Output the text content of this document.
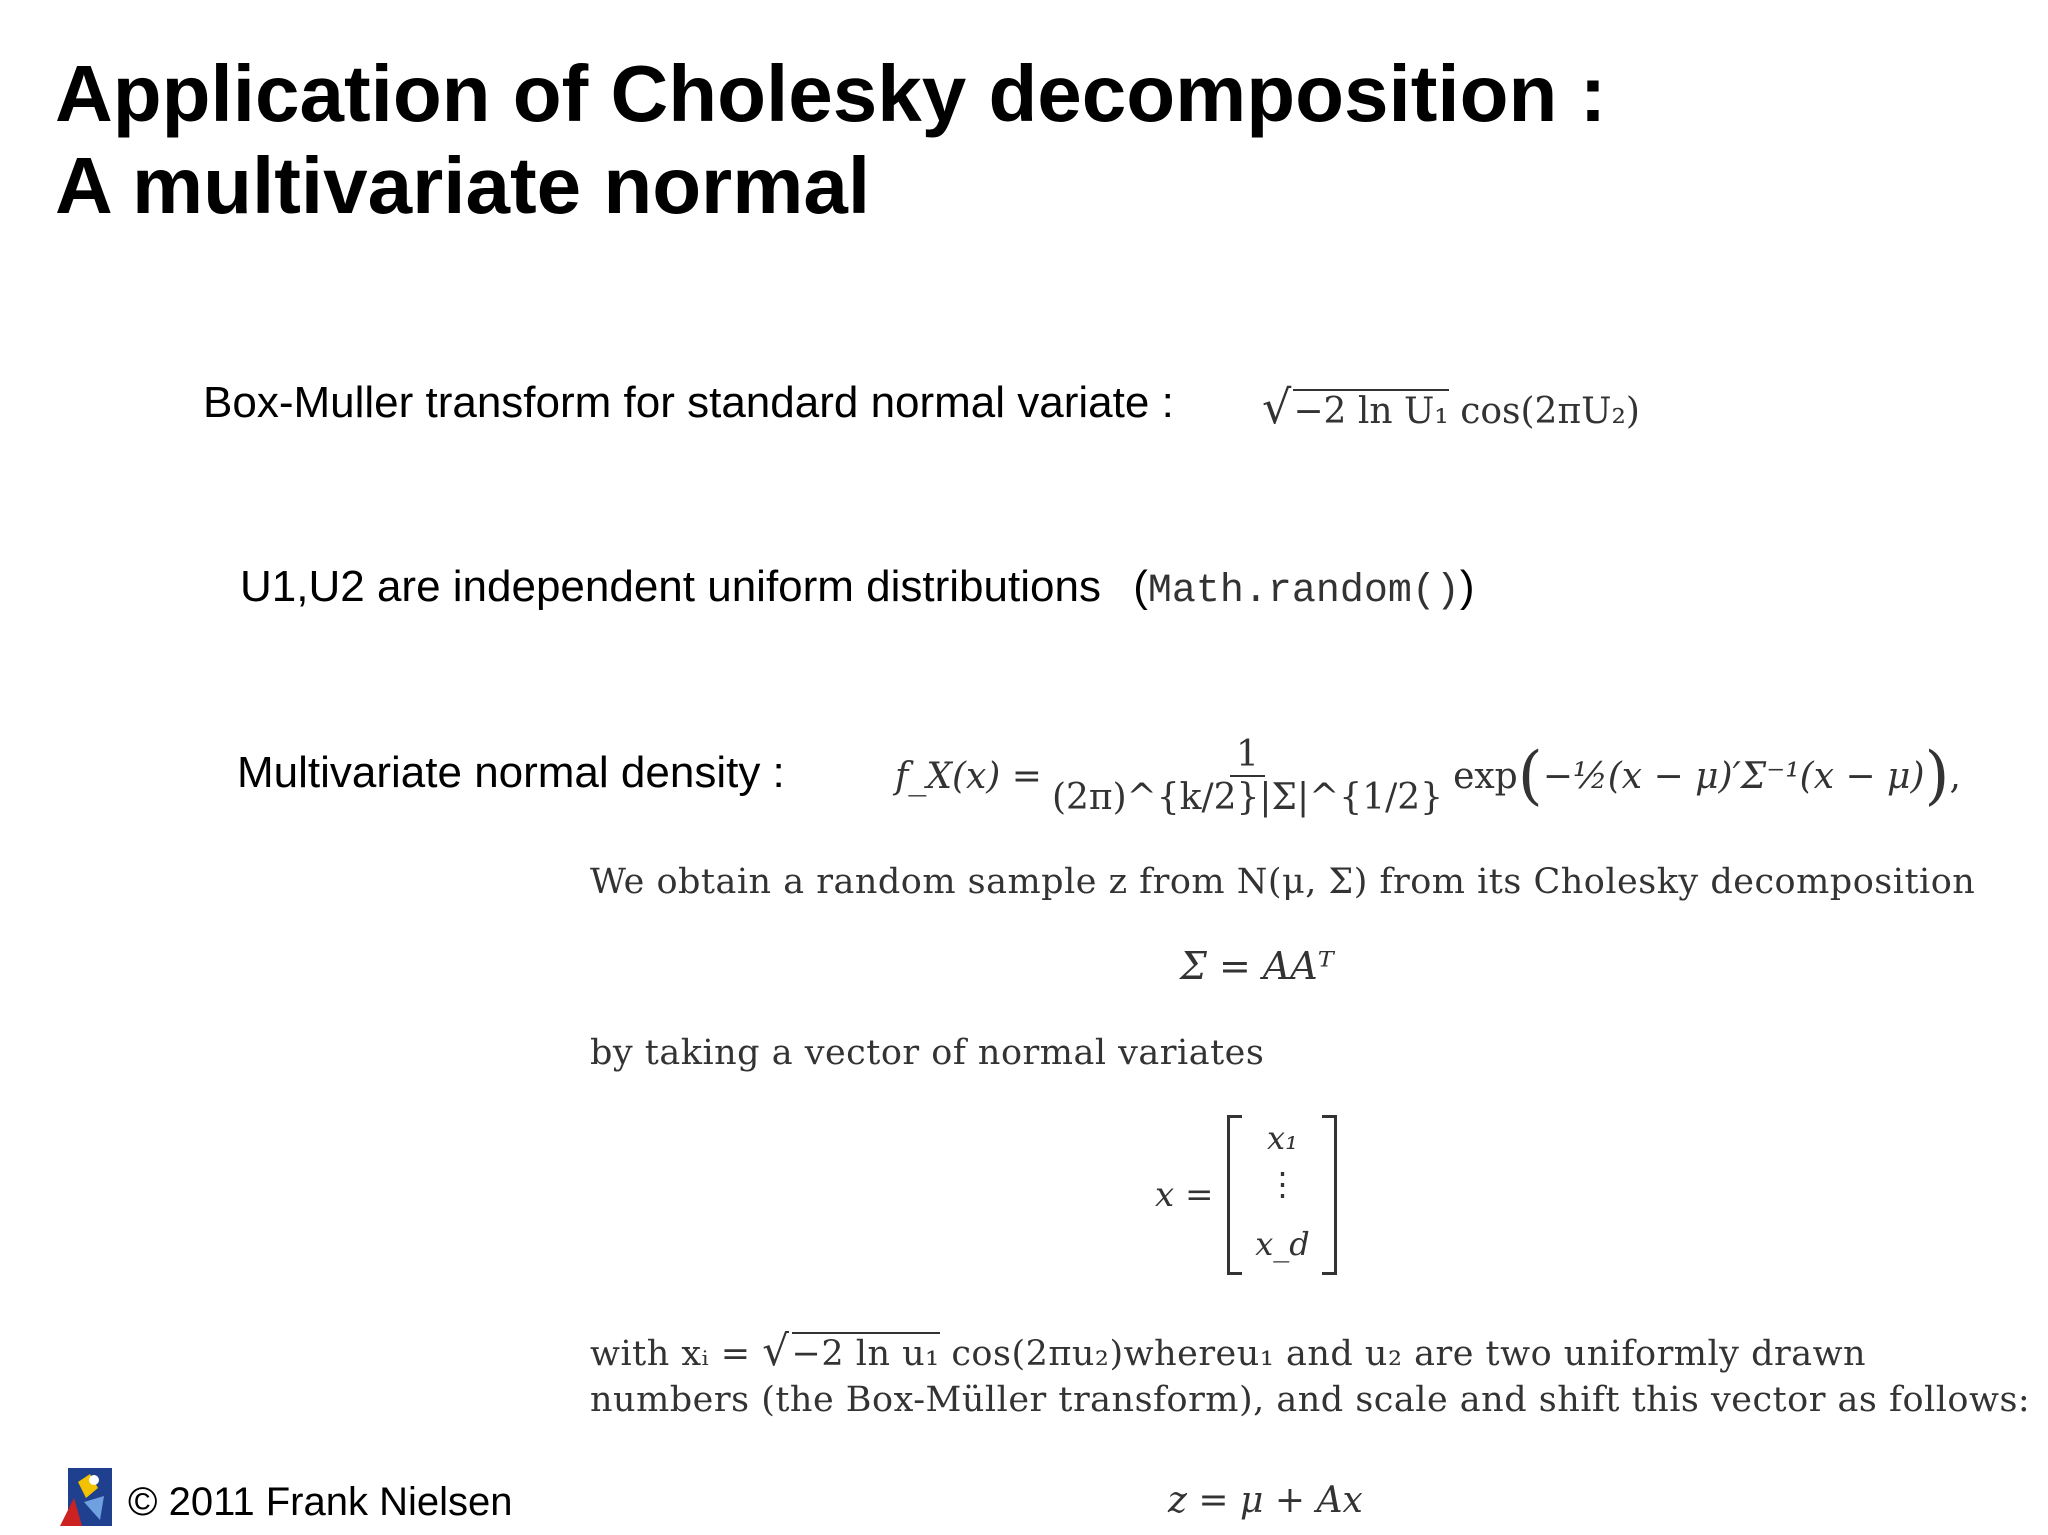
Application of Cholesky decomposition :
A multivariate normal
Box-Muller transform for standard normal variate : √−2 ln U₁ cos(2πU₂)
U1,U2 are independent uniform distributions (Math.random())
Multivariate normal density :	f_X(x) = $\frac{1}{(2\pi)\^{}\{k/2\}|\Sigma|\^{}\{1/2\}}$ exp ( −½(x − μ)′Σ⁻¹(x − μ) ) ,
We obtain a random sample z from N(μ, Σ) from its Cholesky decomposition
Σ = AAᵀ
by taking a vector of normal variates
x =
x₁
⋮
x_d
with xᵢ = √−2 ln u₁ cos(2πu₂)whereu₁ and u₂ are two uniformly drawn
numbers (the Box-Müller transform), and scale and shift this vector as follows:
z = μ + Ax
© 2011 Frank Nielsen
